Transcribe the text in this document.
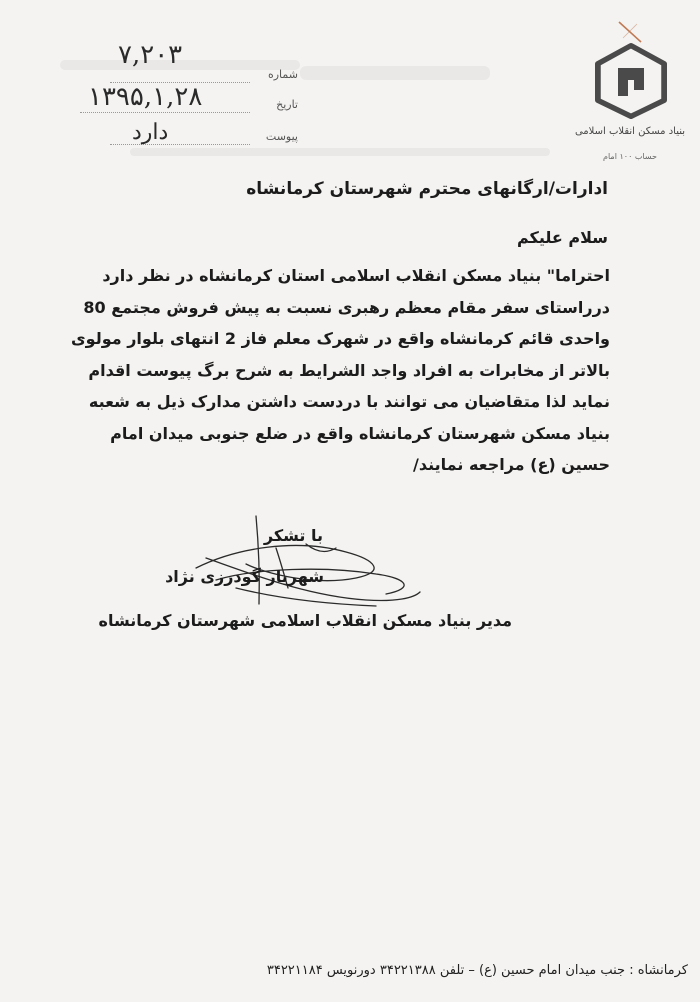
بنیاد مسکن انقلاب اسلامی
حساب ۱۰۰ امام
شماره
۷,۲۰۳
تاریخ
۱۳۹۵,۱,۲۸
پیوست
دارد
ادارات/ارگانهای محترم شهرستان کرمانشاه
سلام علیکم
احتراما" بنیاد مسکن انقلاب اسلامی استان کرمانشاه در نظر دارد
درراستای سفر مقام معظم رهبری نسبت به پیش فروش مجتمع 80
واحدی قائم کرمانشاه واقع در شهرک معلم فاز 2 انتهای بلوار مولوی
بالاتر از مخابرات به افراد واجد الشرایط به شرح برگ پیوست اقدام
نماید لذا متقاضیان می توانند با دردست داشتن مدارک ذیل به شعبه
بنیاد مسکن شهرستان کرمانشاه واقع در ضلع جنوبی میدان امام
حسین (ع) مراجعه نمایند/
با تشکر
شهریار گودرزی نژاد
مدیر بنیاد مسکن انقلاب اسلامی شهرستان کرمانشاه
کرمانشاه : جنب میدان امام حسین (ع) – تلفن ۳۴۲۲۱۳۸۸ دورنویس ۳۴۲۲۱۱۸۴
